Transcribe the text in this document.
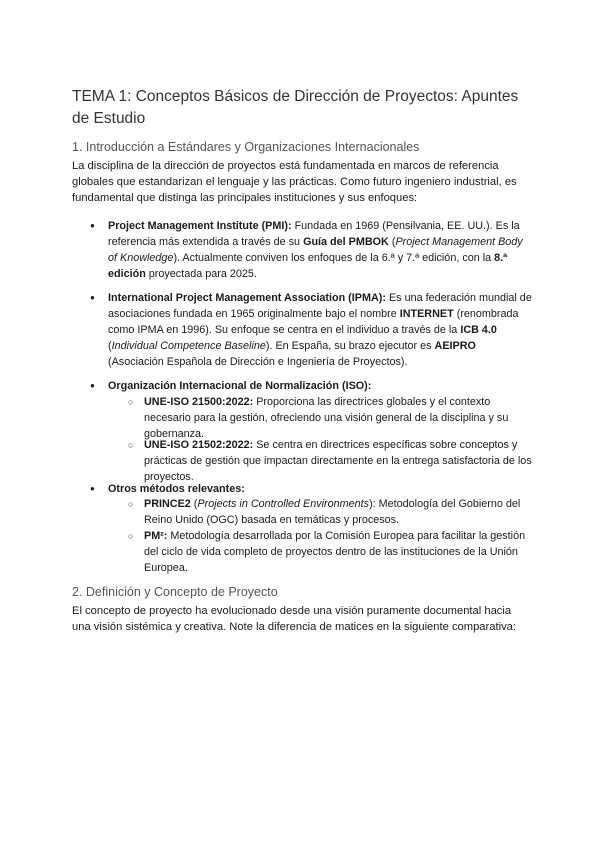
TEMA 1: Conceptos Básicos de Dirección de Proyectos: Apuntes de Estudio
1. Introducción a Estándares y Organizaciones Internacionales

La disciplina de la dirección de proyectos está fundamentada en marcos de referencia globales que estandarizan el lenguaje y las prácticas. Como futuro ingeniero industrial, es fundamental que distinga las principales instituciones y sus enfoques:

● Project Management Institute (PMI): Fundada en 1969 (Pensilvania, EE. UU.). Es la referencia más extendida a través de su Guía del PMBOK (Project Management Body of Knowledge). Actualmente conviven los enfoques de la 6.ª y 7.ª edición, con la 8.ª edición proyectada para 2025.

● International Project Management Association (IPMA): Es una federación mundial de asociaciones fundada en 1965 originalmente bajo el nombre INTERNET (renombrada como IPMA en 1996). Su enfoque se centra en el individuo a través de la ICB 4.0 (Individual Competence Baseline). En España, su brazo ejecutor es AEIPRO (Asociación Española de Dirección e Ingeniería de Proyectos).

● Organización Internacional de Normalización (ISO):

○ UNE-ISO 21500:2022: Proporciona las directrices globales y el contexto necesario para la gestión, ofreciendo una visión general de la disciplina y su gobernanza.

○ UNE-ISO 21502:2022: Se centra en directrices específicas sobre conceptos y prácticas de gestión que impactan directamente en la entrega satisfactoria de los proyectos.

● Otros métodos relevantes:

○ PRINCE2 (Projects in Controlled Environments): Metodología del Gobierno del Reino Unido (OGC) basada en temáticas y procesos.

○ PM²: Metodología desarrollada por la Comisión Europea para facilitar la gestión del ciclo de vida completo de proyectos dentro de las instituciones de la Unión Europea.

2. Definición y Concepto de Proyecto

El concepto de proyecto ha evolucionado desde una visión puramente documental hacia una visión sistémica y creativa. Note la diferencia de matices en la siguiente comparativa:
